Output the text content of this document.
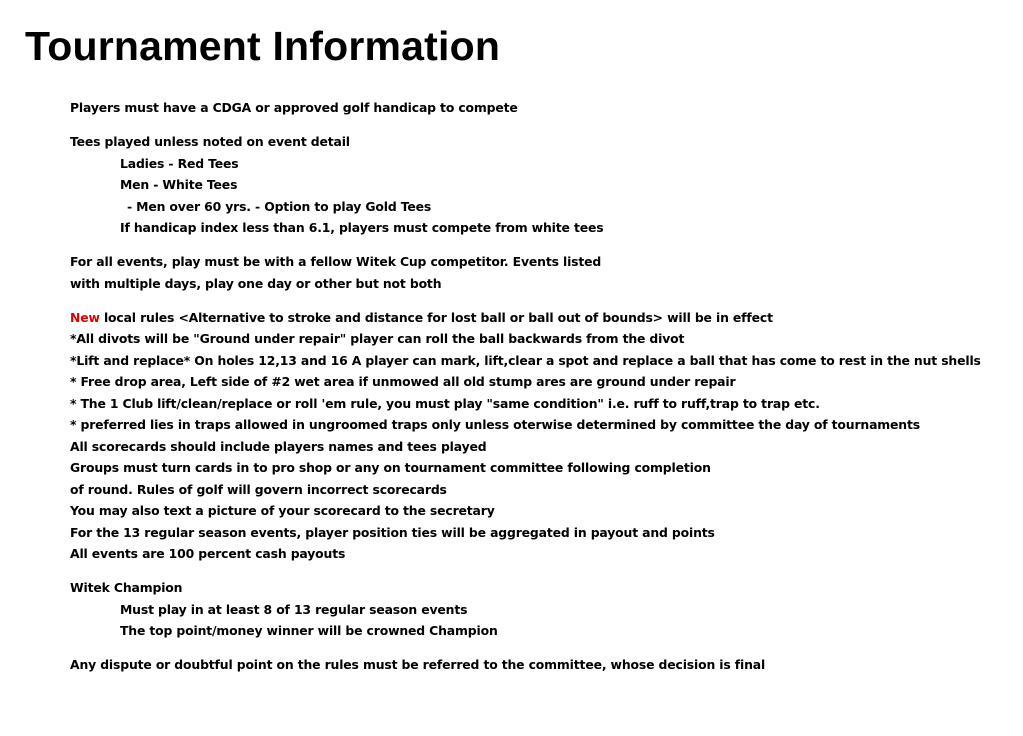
Tournament Information
Players must have a CDGA or approved golf handicap to compete
Tees played unless noted on event detail
Ladies - Red Tees
Men - White Tees
- Men over 60 yrs. - Option to play Gold Tees
If handicap index less than 6.1, players must compete from white tees
For all events, play must be with a fellow Witek Cup competitor. Events listed
with multiple days, play one day or other but not both
New local rules <Alternative to stroke and distance for lost ball or ball out of bounds> will be in effect
*All divots will be "Ground under repair" player can roll the ball backwards from the divot
*Lift and replace* On holes 12,13 and 16 A player can mark, lift,clear a spot and replace a ball that has come to rest in the nut shells
* Free drop area, Left side of #2 wet area if unmowed all old stump ares are ground under repair
* The 1 Club lift/clean/replace or roll 'em rule, you must play "same condition" i.e. ruff to ruff,trap to trap etc.
* preferred lies in traps allowed in ungroomed traps only unless oterwise determined by committee the day of tournaments
All scorecards should include players names and tees played
Groups must turn cards in to pro shop or any on tournament committee following completion
of round. Rules of golf will govern incorrect scorecards
You may also text a picture of your scorecard to the secretary
For the 13 regular season events, player position ties will be aggregated in payout and points
All events are 100 percent cash payouts
Witek Champion
Must play in at least 8 of 13 regular season events
The top point/money winner will be crowned Champion
Any dispute or doubtful point on the rules must be referred to the committee, whose decision is final
